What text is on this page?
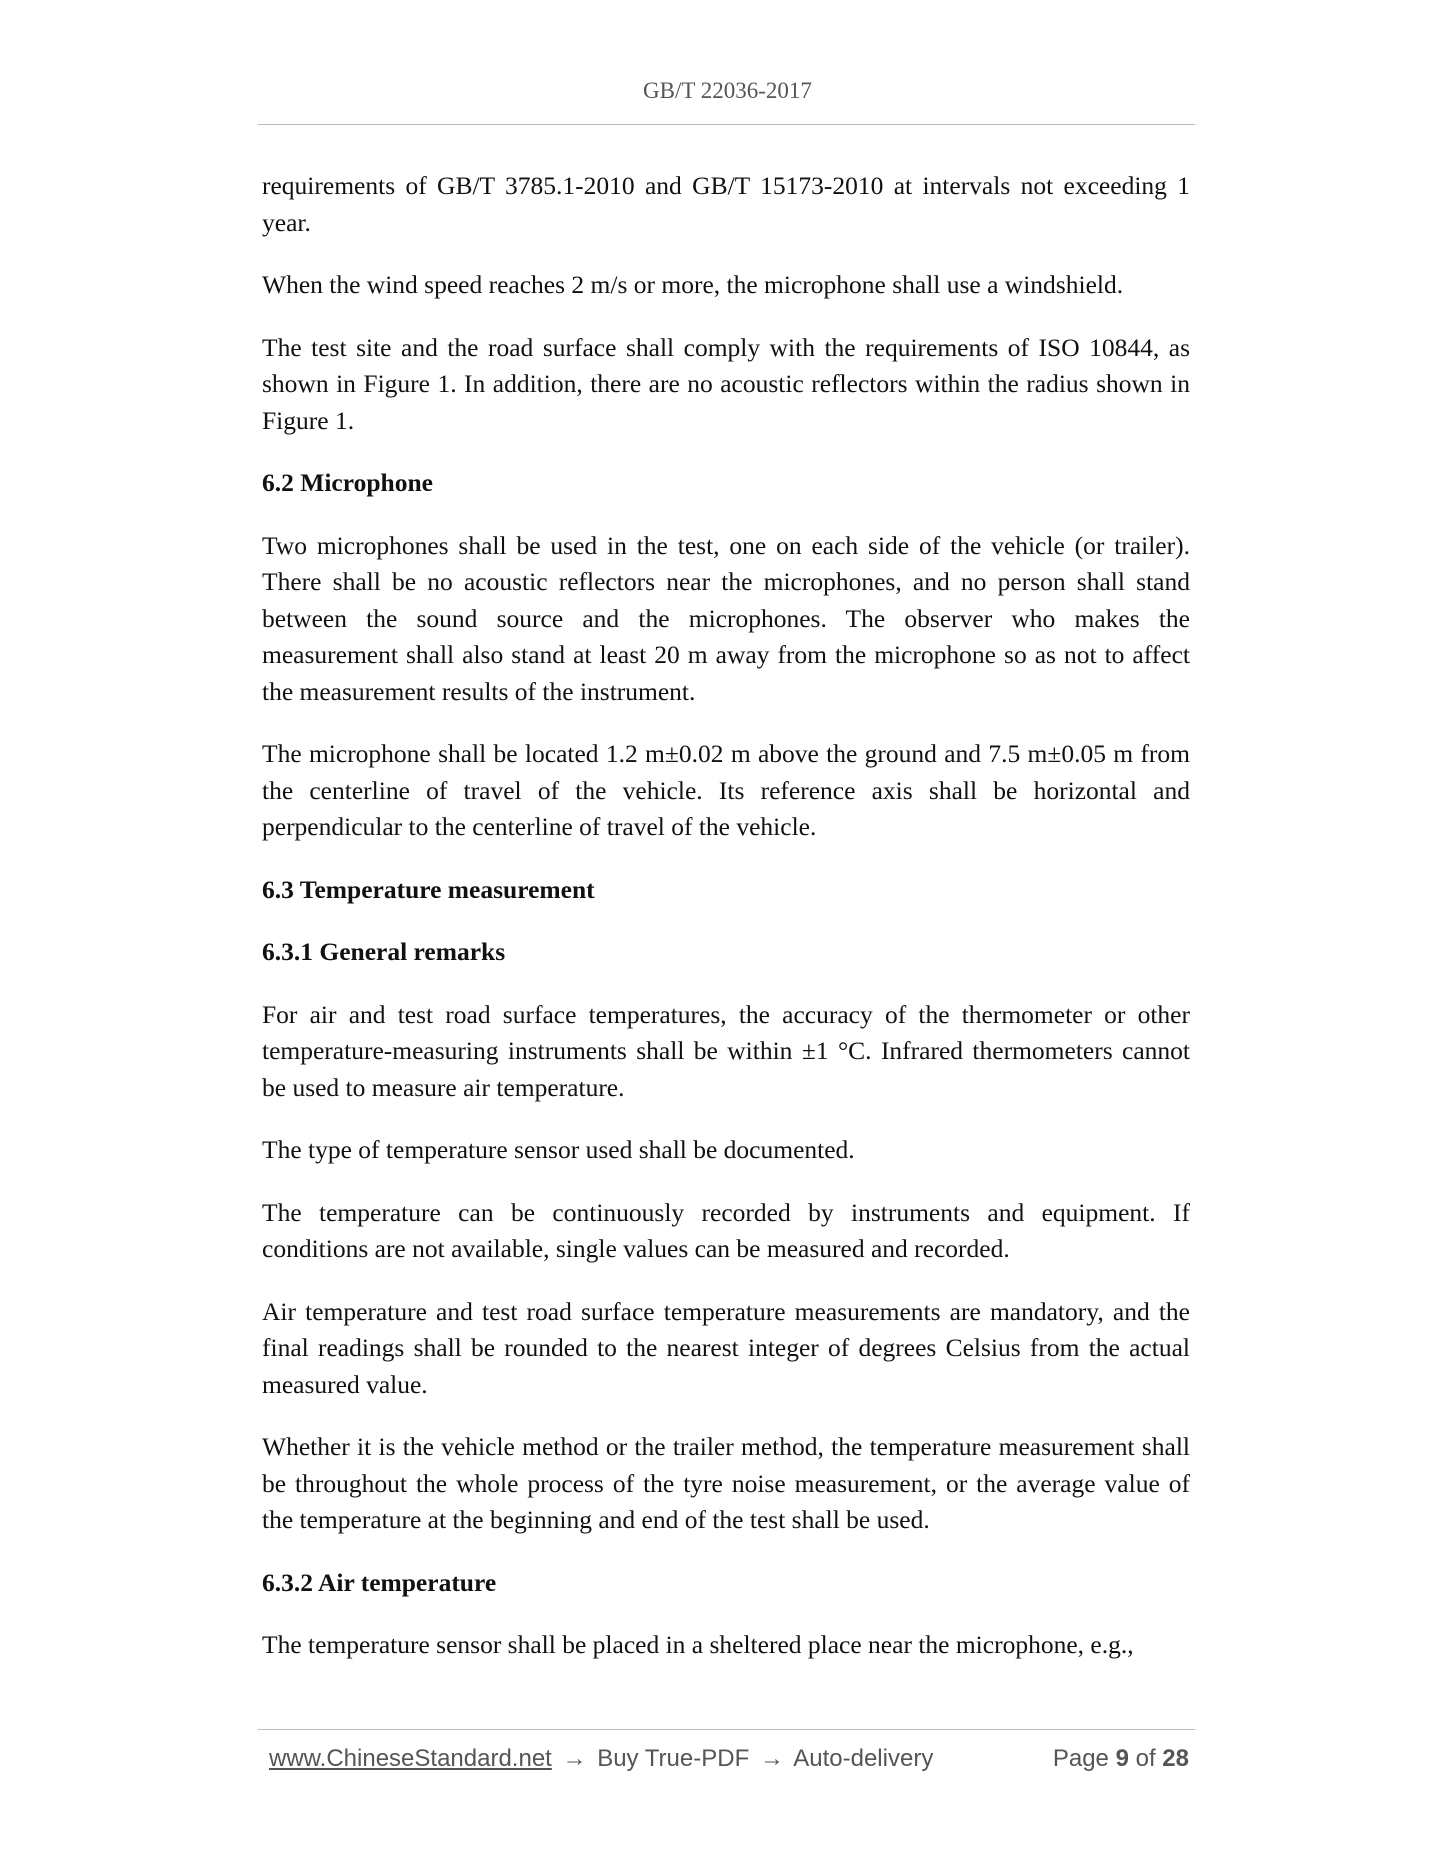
GB/T 22036-2017

requirements of GB/T 3785.1-2010 and GB/T 15173-2010 at intervals not exceeding 1 year.

When the wind speed reaches 2 m/s or more, the microphone shall use a windshield.

The test site and the road surface shall comply with the requirements of ISO 10844, as shown in Figure 1. In addition, there are no acoustic reflectors within the radius shown in Figure 1.

6.2 Microphone

Two microphones shall be used in the test, one on each side of the vehicle (or trailer). There shall be no acoustic reflectors near the microphones, and no person shall stand between the sound source and the microphones. The observer who makes the measurement shall also stand at least 20 m away from the microphone so as not to affect the measurement results of the instrument.

The microphone shall be located 1.2 m±0.02 m above the ground and 7.5 m±0.05 m from the centerline of travel of the vehicle. Its reference axis shall be horizontal and perpendicular to the centerline of travel of the vehicle.

6.3 Temperature measurement
6.3.1 General remarks

For air and test road surface temperatures, the accuracy of the thermometer or other temperature-measuring instruments shall be within ±1 °C. Infrared thermometers cannot be used to measure air temperature.

The type of temperature sensor used shall be documented.

The temperature can be continuously recorded by instruments and equipment. If conditions are not available, single values can be measured and recorded.

Air temperature and test road surface temperature measurements are mandatory, and the final readings shall be rounded to the nearest integer of degrees Celsius from the actual measured value.

Whether it is the vehicle method or the trailer method, the temperature measurement shall be throughout the whole process of the tyre noise measurement, or the average value of the temperature at the beginning and end of the test shall be used.

6.3.2 Air temperature

The temperature sensor shall be placed in a sheltered place near the microphone, e.g.,

www.ChineseStandard.net → Buy True-PDF → Auto-delivery	Page 9 of 28
